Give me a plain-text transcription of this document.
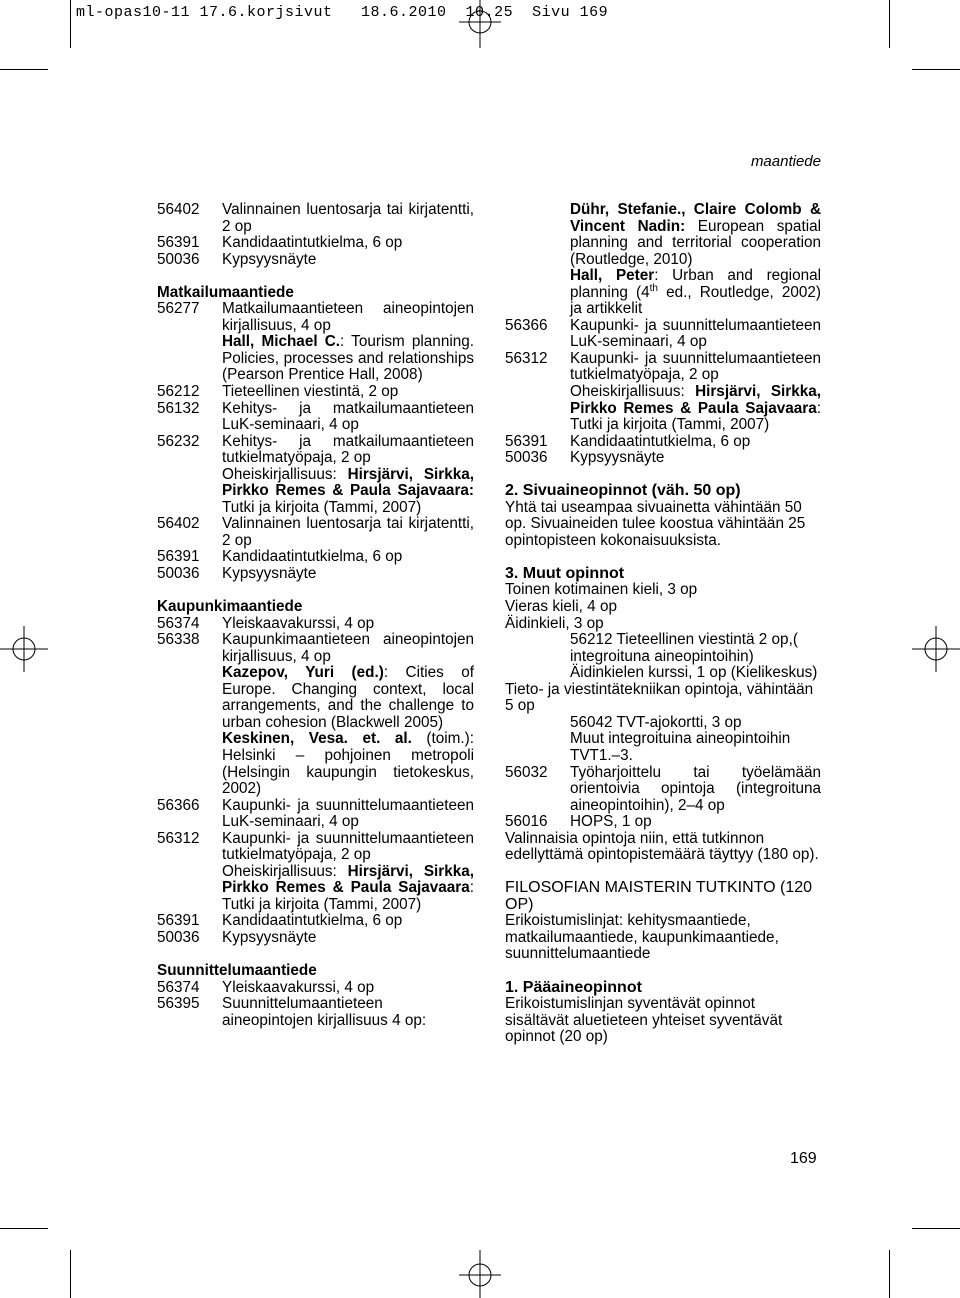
ml-opas10-11 17.6.korjsivut   18.6.2010  10.25  Sivu 169
maantiede
56402	Valinnainen luentosarja tai kirjatentti, 2 op
56391	Kandidaatintutkielma, 6 op
50036	Kypsyysnäyte
Matkailumaantiede
56277	Matkailumaantieteen aineopintojen kirjallisuus, 4 op
Hall, Michael C.: Tourism planning. Policies, processes and relationships (Pearson Prentice Hall, 2008)
56212	Tieteellinen viestintä, 2 op
56132	Kehitys- ja matkailumaantieteen LuK-seminaari, 4 op
56232	Kehitys- ja matkailumaantieteen tutkielmatyöpaja, 2 op
Oheiskirjallisuus: Hirsjärvi, Sirkka, Pirkko Remes & Paula Sajavaara: Tutki ja kirjoita (Tammi, 2007)
56402	Valinnainen luentosarja tai kirjatentti, 2 op
56391	Kandidaatintutkielma, 6 op
50036	Kypsyysnäyte
Kaupunkimaantiede
56374	Yleiskaavakurssi, 4 op
56338	Kaupunkimaantieteen aineopintojen kirjallisuus, 4 op
Kazepov, Yuri (ed.): Cities of Europe. Changing context, local arrangements, and the challenge to urban cohesion (Blackwell 2005)
Keskinen, Vesa. et. al. (toim.): Helsinki – pohjoinen metropoli (Helsingin kaupungin tietokeskus, 2002)
56366	Kaupunki- ja suunnittelumaantieteen LuK-seminaari, 4 op
56312	Kaupunki- ja suunnittelumaantieteen tutkielmatyöpaja, 2 op
Oheiskirjallisuus: Hirsjärvi, Sirkka, Pirkko Remes & Paula Sajavaara: Tutki ja kirjoita (Tammi, 2007)
56391	Kandidaatintutkielma, 6 op
50036	Kypsyysnäyte
Suunnittelumaantiede
56374	Yleiskaavakurssi, 4 op
56395	Suunnittelumaantieteen aineopintojen kirjallisuus 4 op:
Dühr, Stefanie., Claire Colomb & Vincent Nadin: European spatial planning and territorial cooperation (Routledge, 2010)
Hall, Peter: Urban and regional planning (4th ed., Routledge, 2002) ja artikkelit
56366	Kaupunki- ja suunnittelumaantieteen LuK-seminaari, 4 op
56312	Kaupunki- ja suunnittelumaantieteen tutkielmatyöpaja, 2 op
Oheiskirjallisuus: Hirsjärvi, Sirkka, Pirkko Remes & Paula Sajavaara: Tutki ja kirjoita (Tammi, 2007)
56391	Kandidaatintutkielma, 6 op
50036	Kypsyysnäyte
2. Sivuaineopinnot (väh. 50 op)
Yhtä tai useampaa sivuainetta vähintään 50 op. Sivuaineiden tulee koostua vähintään 25 opintopisteen kokonaisuuksista.
3. Muut opinnot
Toinen kotimainen kieli, 3 op
Vieras kieli, 4 op
Äidinkieli, 3 op
56212 Tieteellinen viestintä 2 op,( integroituna aineopintoihin)
Äidinkielen kurssi, 1 op (Kielikeskus)
Tieto- ja viestintätekniikan opintoja, vähintään 5 op
56042 TVT-ajokortti, 3 op
Muut integroituina aineopintoihin TVT1.–3.
56032	Työharjoittelu tai työelämään orientoivia opintoja (integroituna aineopintoihin), 2–4 op
56016	HOPS, 1 op
Valinnaisia opintoja niin, että tutkinnon edellyttämä opintopistemäärä täyttyy (180 op).
FILOSOFIAN MAISTERIN TUTKINTO (120 OP)
Erikoistumislinjat: kehitysmaantiede, matkailumaantiede, kaupunkimaantiede, suunnittelumaantiede
1. Pääaineopinnot
Erikoistumislinjan syventävät opinnot sisältävät aluetieteen yhteiset syventävät opinnot (20 op)
169
